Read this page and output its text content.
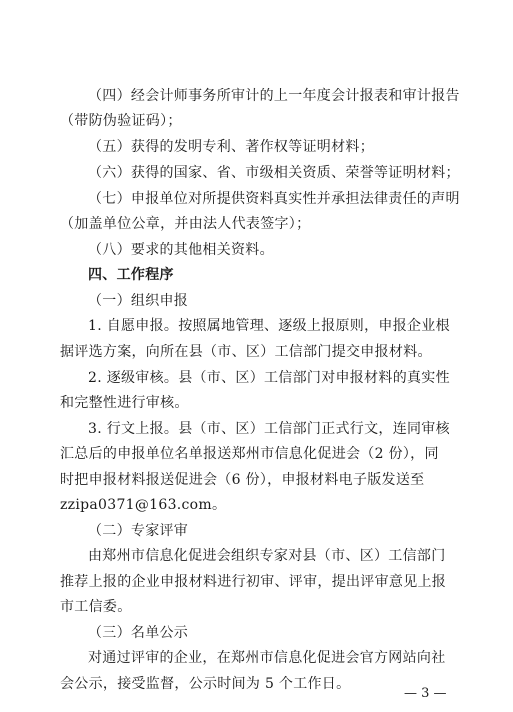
（四）经会计师事务所审计的上一年度会计报表和审计报告
（带防伪验证码）；
（五）获得的发明专利、著作权等证明材料；
（六）获得的国家、省、市级相关资质、荣誉等证明材料；
（七）申报单位对所提供资料真实性并承担法律责任的声明
（加盖单位公章，并由法人代表签字）；
（八）要求的其他相关资料。
四、工作程序
（一）组织申报
1. 自愿申报。按照属地管理、逐级上报原则，申报企业根
据评选方案，向所在县（市、区）工信部门提交申报材料。
2. 逐级审核。县（市、区）工信部门对申报材料的真实性
和完整性进行审核。
3. 行文上报。县（市、区）工信部门正式行文，连同审核
汇总后的申报单位名单报送郑州市信息化促进会（2 份），同
时把申报材料报送促进会（6 份），申报材料电子版发送至
zzipa0371@163.com。
（二）专家评审
由郑州市信息化促进会组织专家对县（市、区）工信部门
推荐上报的企业申报材料进行初审、评审，提出评审意见上报
市工信委。
（三）名单公示
对通过评审的企业，在郑州市信息化促进会官方网站向社
会公示，接受监督，公示时间为 5 个工作日。
— 3 —
